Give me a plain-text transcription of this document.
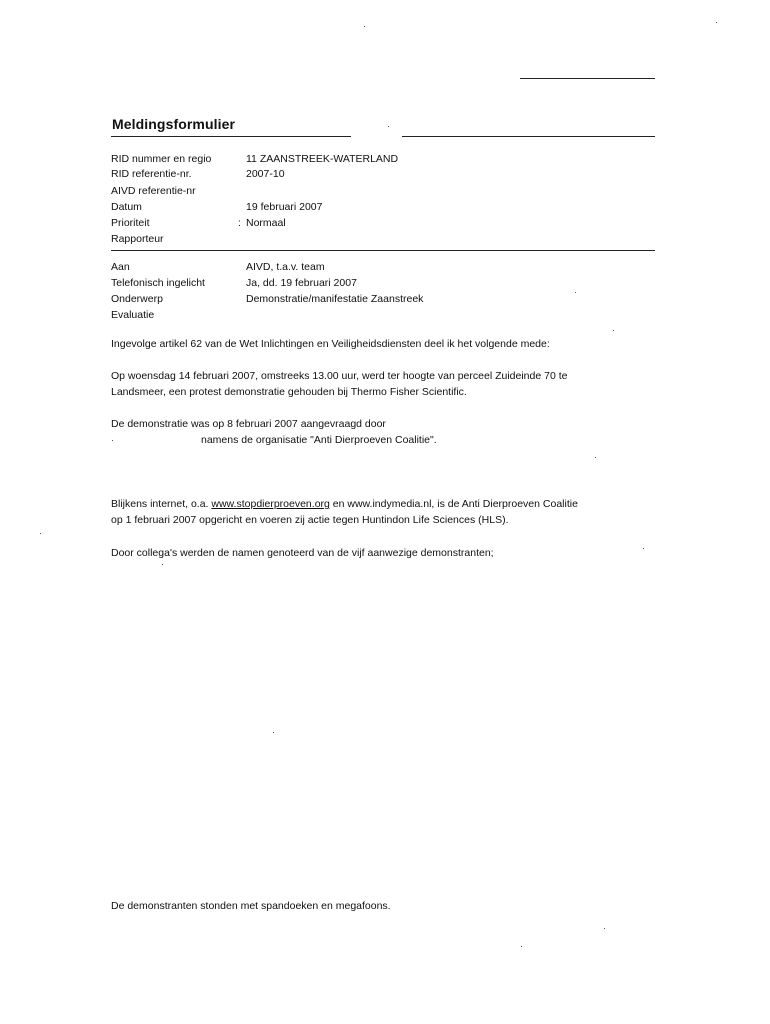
Meldingsformulier
RID nummer en regio	11 ZAANSTREEK-WATERLAND
RID referentie-nr.	2007-10
AIVD referentie-nr
Datum	19 februari 2007
Prioriteit	: Normaal
Rapporteur
Aan	AIVD, t.a.v. team
Telefonisch ingelicht	Ja, dd. 19 februari 2007
Onderwerp	Demonstratie/manifestatie Zaanstreek
Evaluatie
Ingevolge artikel 62 van de Wet Inlichtingen en Veiligheidsdiensten deel ik het volgende mede:
Op woensdag 14 februari 2007, omstreeks 13.00 uur, werd ter hoogte van perceel Zuideinde 70 te
Landsmeer, een protest demonstratie gehouden bij Thermo Fisher Scientific.
De demonstratie was op 8 februari 2007 aangevraagd door
namens de organisatie "Anti Dierproeven Coalitie".
Blijkens internet, o.a. www.stopdierproeven.org en www.indymedia.nl, is de Anti Dierproeven Coalitie
op 1 februari 2007 opgericht en voeren zij actie tegen Huntindon Life Sciences (HLS).
Door collega's werden de namen genoteerd van de vijf aanwezige demonstranten;
De demonstranten stonden met spandoeken en megafoons.
